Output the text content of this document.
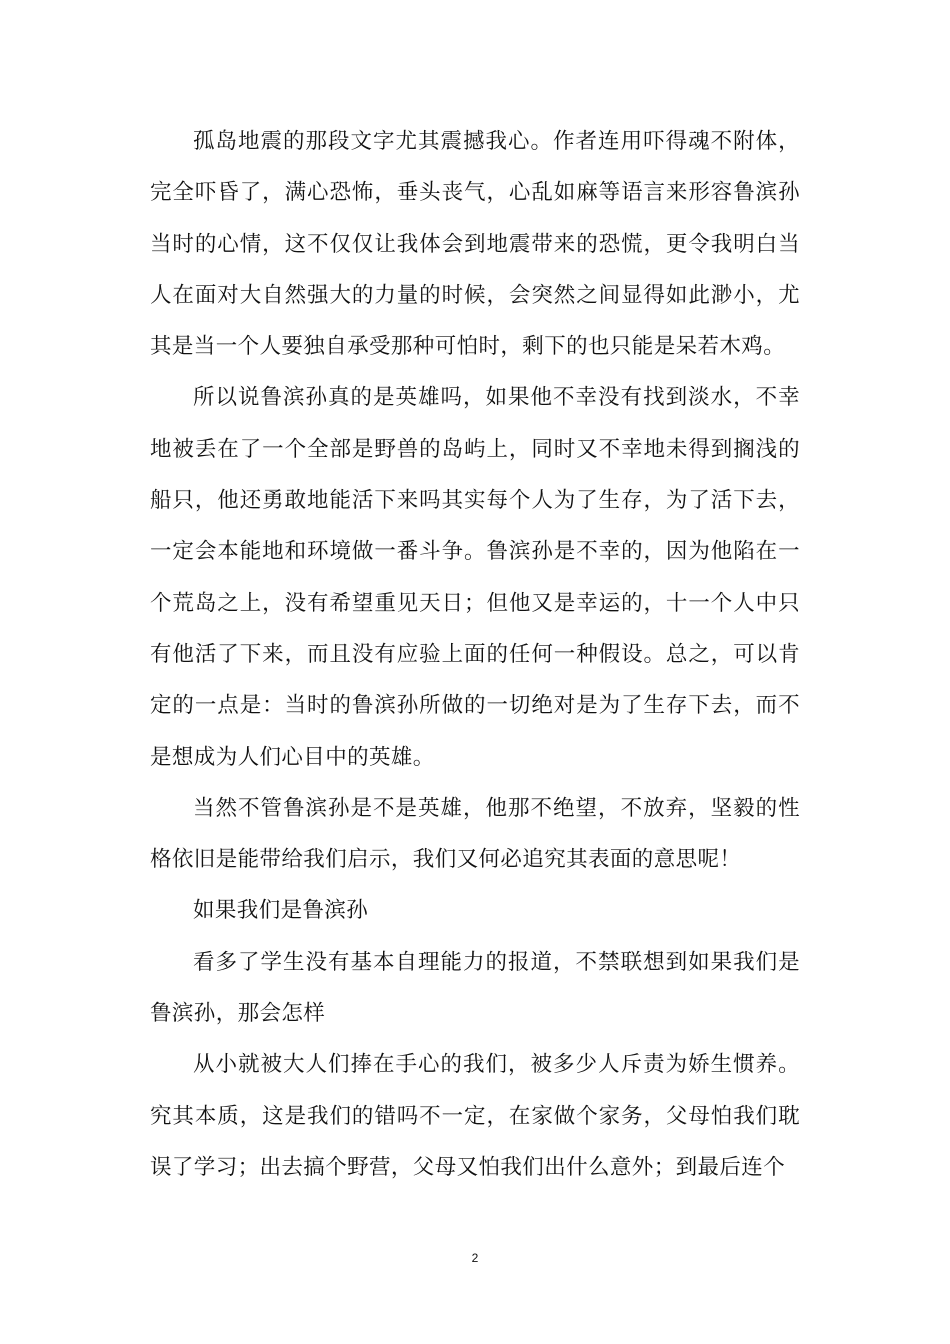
孤岛地震的那段文字尤其震撼我心。作者连用吓得魂不附体，完全吓昏了，满心恐怖，垂头丧气，心乱如麻等语言来形容鲁滨孙当时的心情，这不仅仅让我体会到地震带来的恐慌，更令我明白当人在面对大自然强大的力量的时候，会突然之间显得如此渺小，尤其是当一个人要独自承受那种可怕时，剩下的也只能是呆若木鸡。

所以说鲁滨孙真的是英雄吗，如果他不幸没有找到淡水，不幸地被丢在了一个全部是野兽的岛屿上，同时又不幸地未得到搁浅的船只，他还勇敢地能活下来吗其实每个人为了生存，为了活下去，一定会本能地和环境做一番斗争。鲁滨孙是不幸的，因为他陷在一个荒岛之上，没有希望重见天日；但他又是幸运的，十一个人中只有他活了下来，而且没有应验上面的任何一种假设。总之，可以肯定的一点是：当时的鲁滨孙所做的一切绝对是为了生存下去，而不是想成为人们心目中的英雄。

当然不管鲁滨孙是不是英雄，他那不绝望，不放弃，坚毅的性格依旧是能带给我们启示，我们又何必追究其表面的意思呢！

如果我们是鲁滨孙

看多了学生没有基本自理能力的报道，不禁联想到如果我们是鲁滨孙，那会怎样

从小就被大人们捧在手心的我们，被多少人斥责为娇生惯养。究其本质，这是我们的错吗不一定，在家做个家务，父母怕我们耽误了学习；出去搞个野营，父母又怕我们出什么意外；到最后连个

2
